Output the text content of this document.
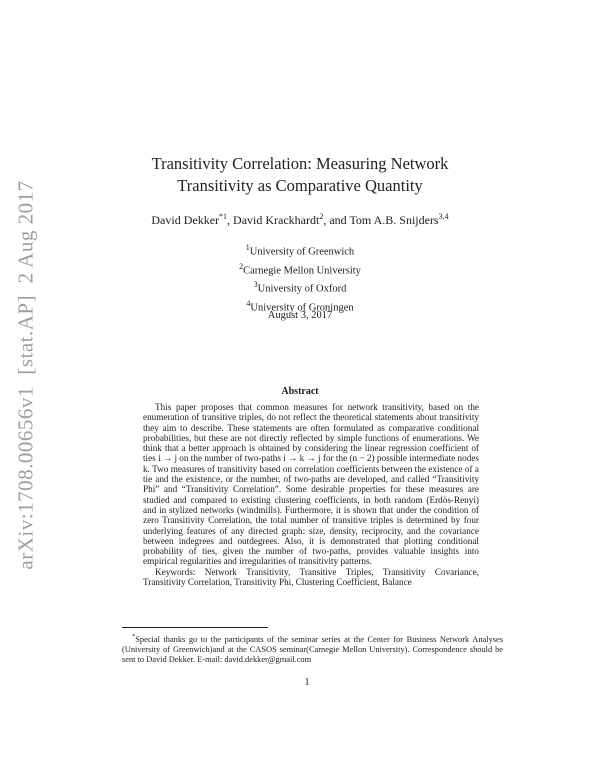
arXiv:1708.00656v1  [stat.AP]  2 Aug 2017
Transitivity Correlation: Measuring Network
Transitivity as Comparative Quantity
David Dekker$^{*1}$, David Krackhardt$^2$, and Tom A.B. Snijders$^{3,4}$
$^1$University of Greenwich
$^2$Carnegie Mellon University
$^3$University of Oxford
$^4$University of Groningen
August 3, 2017
Abstract

This paper proposes that common measures for network transitivity, based on the enumeration of transitive triples, do not reflect the theoretical statements about transitivity they aim to describe. These statements are often formulated as comparative conditional probabilities, but these are not directly reflected by simple functions of enumerations. We think that a better approach is obtained by considering the linear regression coefficient of ties i → j on the number of two-paths i → k → j for the (n − 2) possible intermediate nodes k. Two measures of transitivity based on correlation coefficients between the existence of a tie and the existence, or the number, of two-paths are developed, and called “Transitivity Phi” and “Transitivity Correlation”. Some desirable properties for these measures are studied and compared to existing clustering coefficients, in both random (Erdös-Renyi) and in stylized networks (windmills). Furthermore, it is shown that under the condition of zero Transitivity Correlation, the total number of transitive triples is determined by four underlying features of any directed graph: size, density, reciprocity, and the covariance between indegrees and outdegrees. Also, it is demonstrated that plotting conditional probability of ties, given the number of two-paths, provides valuable insights into empirical regularities and irregularities of transitivity patterns.

Keywords: Network Transitivity, Transitive Triples, Transitivity Covariance, Transitivity Correlation, Transitivity Phi, Clustering Coefficient, Balance

*Special thanks go to the participants of the seminar series at the Center for Business Network Analyses (University of Greenwich)and at the CASOS seminar(Carnegie Mellon University). Correspondence should be sent to David Dekker. E-mail: david.dekker@gmail.com
1
